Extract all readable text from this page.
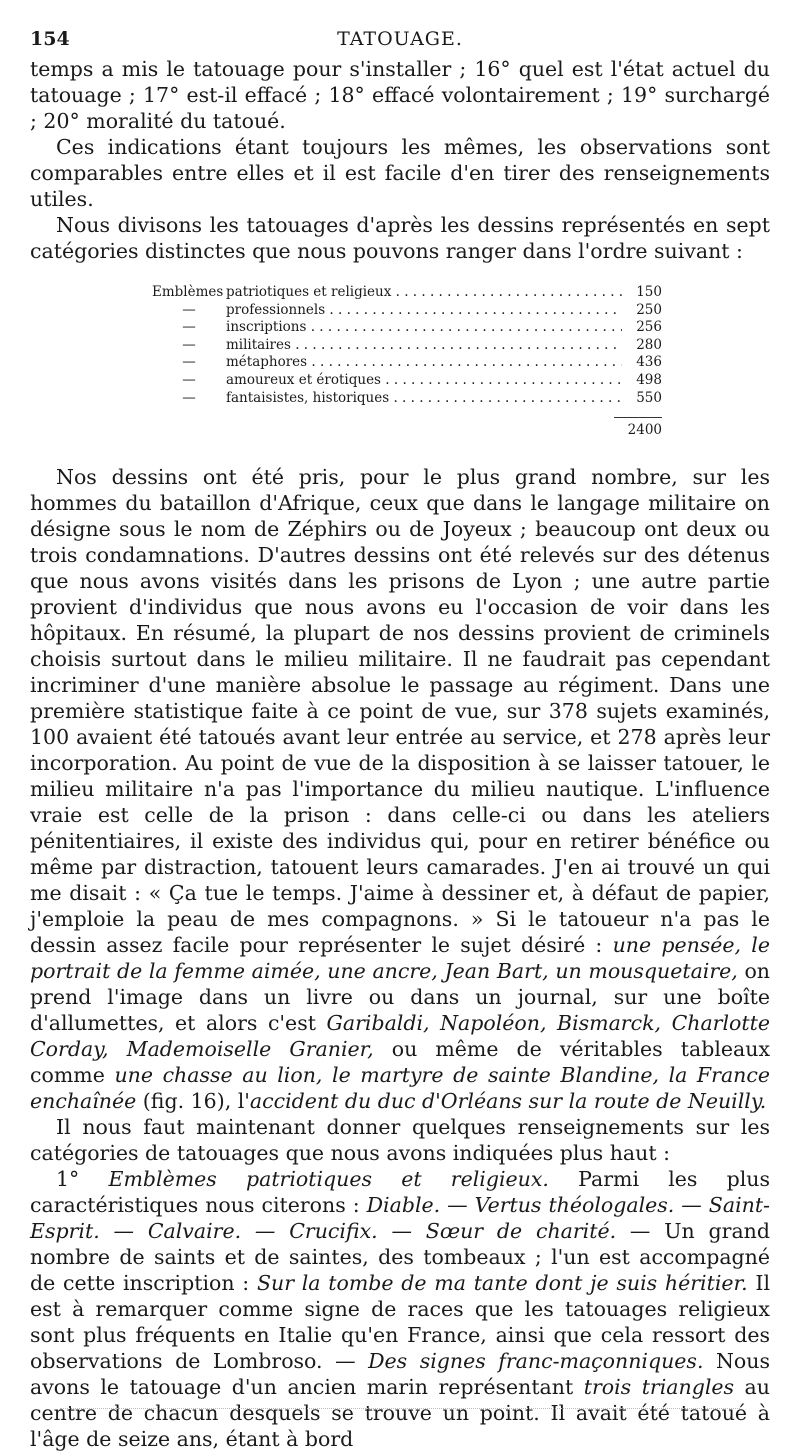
154	TATOUAGE.

temps a mis le tatouage pour s'installer ; 16° quel est l'état actuel du tatouage ; 17° est-il effacé ; 18° effacé volontairement ; 19° surchargé ; 20° moralité du tatoué.

Ces indications étant toujours les mêmes, les observations sont comparables entre elles et il est facile d'en tirer des renseignements utiles.

Nous divisons les tatouages d'après les dessins représentés en sept catégories distinctes que nous pouvons ranger dans l'ordre suivant :

Emblèmes patriotiques et religieux . . .	150
—	professionnels . . .	250
—	inscriptions . . .	256
—	militaires . . .	280
—	métaphores . . .	436
—	amoureux et érotiques . . .	498
—	fantaisistes, historiques . . .	550
2400

Nos dessins ont été pris, pour le plus grand nombre, sur les hommes du bataillon d'Afrique, ceux que dans le langage militaire on désigne sous le nom de Zéphirs ou de Joyeux ; beaucoup ont deux ou trois condamnations. D'autres dessins ont été relevés sur des détenus que nous avons visités dans les prisons de Lyon ; une autre partie provient d'individus que nous avons eu l'occasion de voir dans les hôpitaux. En résumé, la plupart de nos dessins provient de criminels choisis surtout dans le milieu militaire. Il ne faudrait pas cependant incriminer d'une manière absolue le passage au régiment. Dans une première statistique faite à ce point de vue, sur 378 sujets examinés, 100 avaient été tatoués avant leur entrée au service, et 278 après leur incorporation. Au point de vue de la disposition à se laisser tatouer, le milieu militaire n'a pas l'importance du milieu nautique. L'influence vraie est celle de la prison : dans celle-ci ou dans les ateliers pénitentiaires, il existe des individus qui, pour en retirer bénéfice ou même par distraction, tatouent leurs camarades. J'en ai trouvé un qui me disait : « Ça tue le temps. J'aime à dessiner et, à défaut de papier, j'emploie la peau de mes compagnons. » Si le tatoueur n'a pas le dessin assez facile pour représenter le sujet désiré : une pensée, le portrait de la femme aimée, une ancre, Jean Bart, un mousquetaire, on prend l'image dans un livre ou dans un journal, sur une boîte d'allumettes, et alors c'est Garibaldi, Napoléon, Bismarck, Charlotte Corday, Mademoiselle Granier, ou même de véritables tableaux comme une chasse au lion, le martyre de sainte Blandine, la France enchaînée (fig. 16), l'accident du duc d'Orléans sur la route de Neuilly.

Il nous faut maintenant donner quelques renseignements sur les catégories de tatouages que nous avons indiquées plus haut :

1° Emblèmes patriotiques et religieux. Parmi les plus caractéristiques nous citerons : Diable. — Vertus théologales. — Saint-Esprit. — Calvaire. — Crucifix. — Sœur de charité. — Un grand nombre de saints et de saintes, des tombeaux ; l'un est accompagné de cette inscription : Sur la tombe de ma tante dont je suis héritier. Il est à remarquer comme signe de races que les tatouages religieux sont plus fréquents en Italie qu'en France, ainsi que cela ressort des observations de Lombroso. — Des signes franc-maçonniques. Nous avons le tatouage d'un ancien marin représentant trois triangles au centre de chacun desquels se trouve un point. Il avait été tatoué à l'âge de seize ans, étant à bord
